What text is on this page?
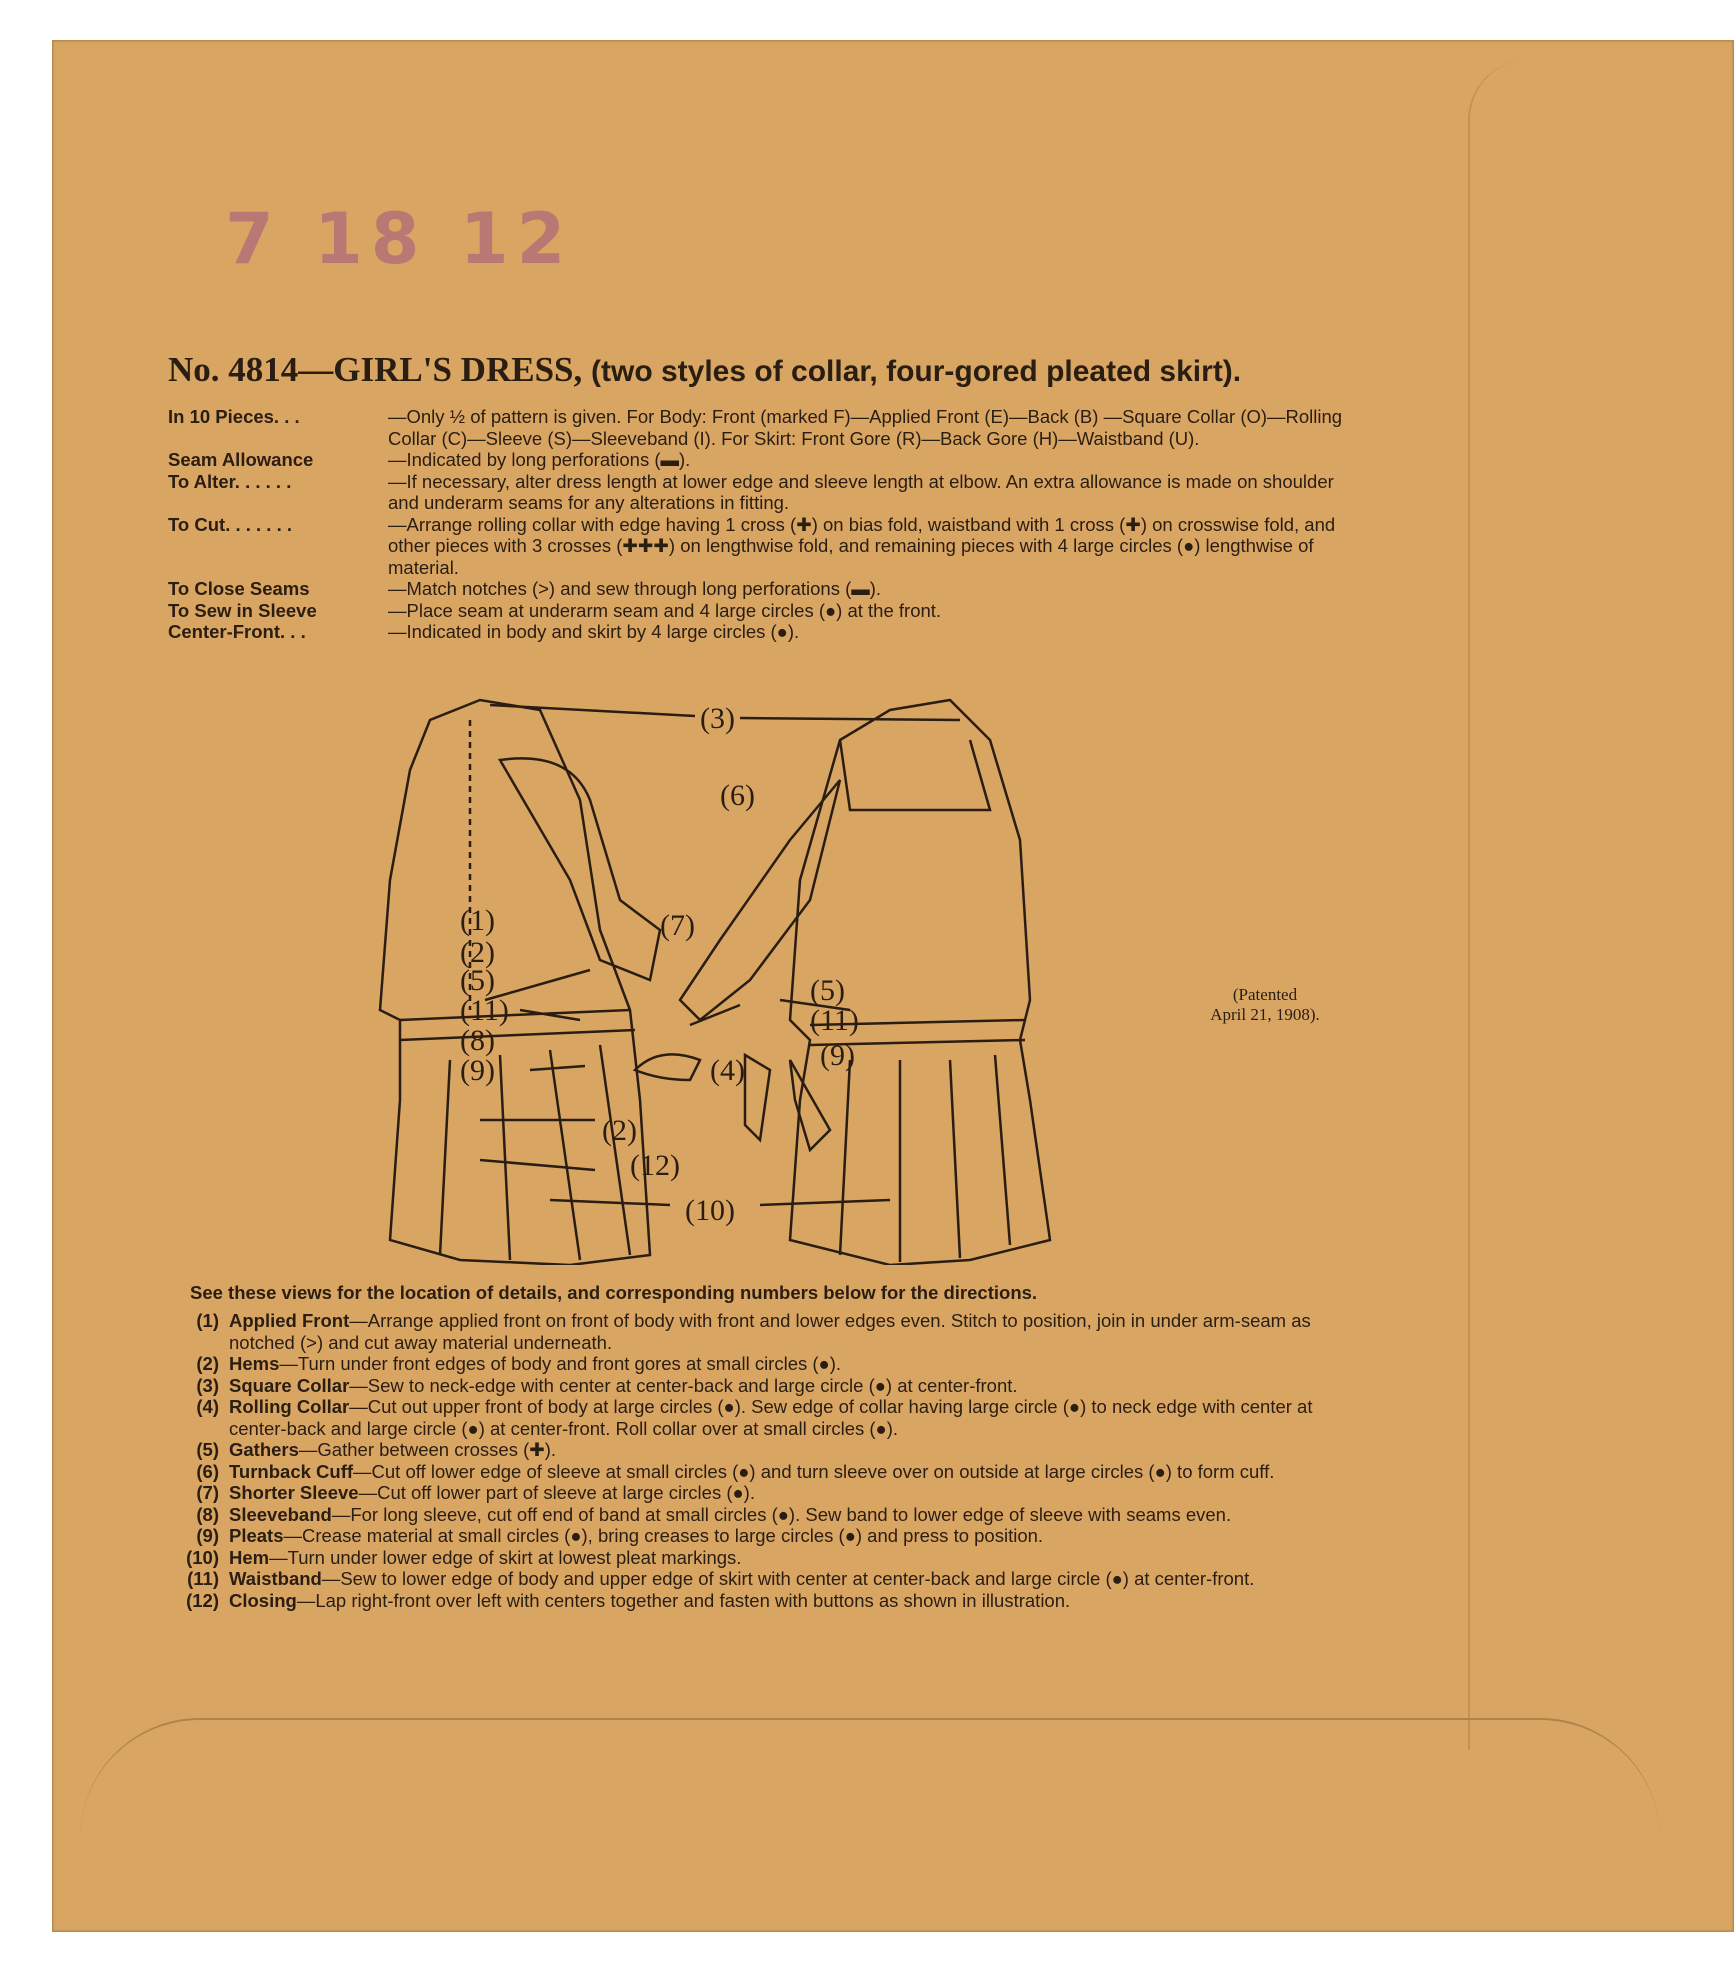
7 18 12
No. 4814—GIRL'S DRESS, (two styles of collar, four-gored pleated skirt).
In 10 Pieces. . .	—Only ½ of pattern is given. For Body: Front (marked F)—Applied Front (E)—Back (B) —Square Collar (O)—Rolling Collar (C)—Sleeve (S)—Sleeveband (I). For Skirt: Front Gore (R)—Back Gore (H)—Waistband (U).
Seam Allowance	—Indicated by long perforations (▬).
To Alter. . . . . .	—If necessary, alter dress length at lower edge and sleeve length at elbow. An extra allowance is made on shoulder and underarm seams for any alterations in fitting.
To Cut. . . . . . .	—Arrange rolling collar with edge having 1 cross (✚) on bias fold, waistband with 1 cross (✚) on crosswise fold, and other pieces with 3 crosses (✚✚✚) on lengthwise fold, and remaining pieces with 4 large circles (●) lengthwise of material.
To Close Seams	—Match notches (>) and sew through long perforations (▬).
To Sew in Sleeve	—Place seam at underarm seam and 4 large circles (●) at the front.
Center-Front. . .	—Indicated in body and skirt by 4 large circles (●).
(1)
(2)
(3)
(4)
(5)	(5)
(6)
(7)
(11)	(11)
(8)
(9)	(9)
(2)
(12)
(10)
(Patented
April 21, 1908).
See these views for the location of details, and corresponding numbers below for the directions.
(1) Applied Front—Arrange applied front on front of body with front and lower edges even. Stitch to position, join in under arm-seam as notched (>) and cut away material underneath.
(2) Hems—Turn under front edges of body and front gores at small circles (●).
(3) Square Collar—Sew to neck-edge with center at center-back and large circle (●) at center-front.
(4) Rolling Collar—Cut out upper front of body at large circles (●). Sew edge of collar having large circle (●) to neck edge with center at center-back and large circle (●) at center-front. Roll collar over at small circles (●).
(5) Gathers—Gather between crosses (✚).
(6) Turnback Cuff—Cut off lower edge of sleeve at small circles (●) and turn sleeve over on outside at large circles (●) to form cuff.
(7) Shorter Sleeve—Cut off lower part of sleeve at large circles (●).
(8) Sleeveband—For long sleeve, cut off end of band at small circles (●). Sew band to lower edge of sleeve with seams even.
(9) Pleats—Crease material at small circles (●), bring creases to large circles (●) and press to position.
(10) Hem—Turn under lower edge of skirt at lowest pleat markings.
(11) Waistband—Sew to lower edge of body and upper edge of skirt with center at center-back and large circle (●) at center-front.
(12) Closing—Lap right-front over left with centers together and fasten with buttons as shown in illustration.
